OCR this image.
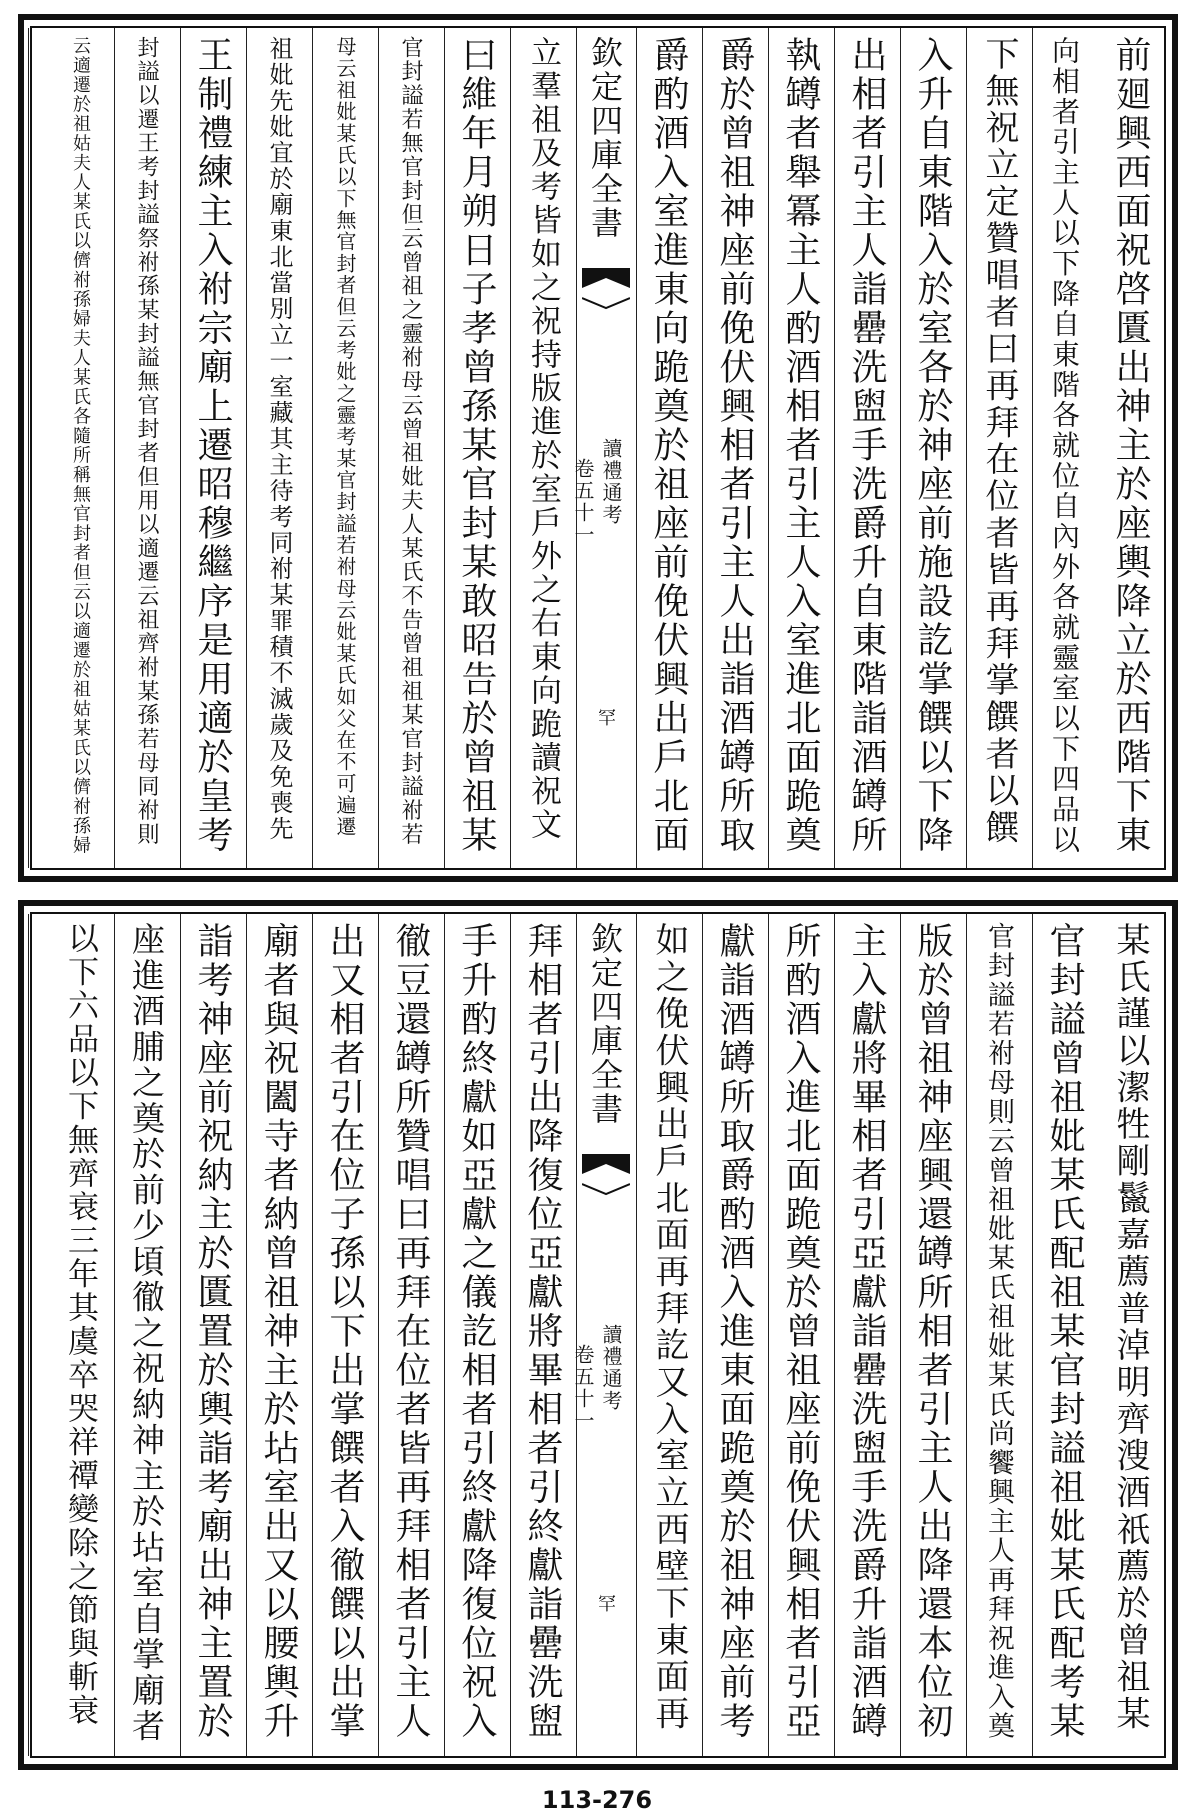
前廻興西面祝啓匱出神主於座輿降立於西階下東
向相者引主人以下降自東階各就位自內外各就靈室以下四品以
下無祝立定贊唱者曰再拜在位者皆再拜掌饌者以饌
入升自東階入於室各於神座前施設訖掌饌以下降
出相者引主人詣罍洗盥手洗爵升自東階詣酒罇所
執罇者舉冪主人酌酒相者引主人入室進北面跪奠
爵於曾祖神座前俛伏興相者引主人出詣酒罇所取
爵酌酒入室進東向跪奠於祖座前俛伏興出戶北面
欽定四庫全書
讀禮通考
卷五十一
罕
立羣祖及考皆如之祝持版進於室戶外之右東向跪讀祝文
曰維年月朔日子孝曾孫某官封某敢昭告於曾祖某
官封謚若無官封但云曾祖之靈祔母云曾祖妣夫人某氏不告曾祖祖某官封謚祔若
母云祖妣某氏以下無官封者但云考妣之靈考某官封謚若祔母云妣某氏如父在不可遍遷
祖妣先妣宜於廟東北當別立一室藏其主待考同祔某罪積不滅歲及免喪先
王制禮練主入祔宗廟上遷昭穆繼序是用適於皇考
封謚以遷王考封謚祭祔孫某封謚無官封者但用以適遷云祖齊祔某孫若母同祔則
云適遷於祖姑夫人某氏以儕祔孫婦夫人某氏各隨所稱無官封者但云以適遷於祖姑某氏以儕祔孫婦
某氏謹以潔牲剛鬣嘉薦普淖明齊溲酒祇薦於曾祖某
官封謚曾祖妣某氏配祖某官封謚祖妣某氏配考某
官封謚若祔母則云曾祖妣某氏祖妣某氏尚饗興主人再拜祝進入奠
版於曾祖神座興還罇所相者引主人出降還本位初
主入獻將畢相者引亞獻詣罍洗盥手洗爵升詣酒罇
所酌酒入進北面跪奠於曾祖座前俛伏興相者引亞
獻詣酒罇所取爵酌酒入進東面跪奠於祖神座前考
如之俛伏興出戶北面再拜訖又入室立西壁下東面再
欽定四庫全書
讀禮通考
卷五十一
罕
拜相者引出降復位亞獻將畢相者引終獻詣罍洗盥
手升酌終獻如亞獻之儀訖相者引終獻降復位祝入
徹豆還罇所贊唱曰再拜在位者皆再拜相者引主人
出又相者引在位子孫以下出掌饌者入徹饌以出掌
廟者與祝闔寺者納曾祖神主於坫室出又以腰輿升
詣考神座前祝納主於匱置於輿詣考廟出神主置於
座進酒脯之奠於前少頃徹之祝納神主於坫室自掌廟者
以下六品以下無齊衰三年其虞卒哭祥禫變除之節與斬衰
113-276
